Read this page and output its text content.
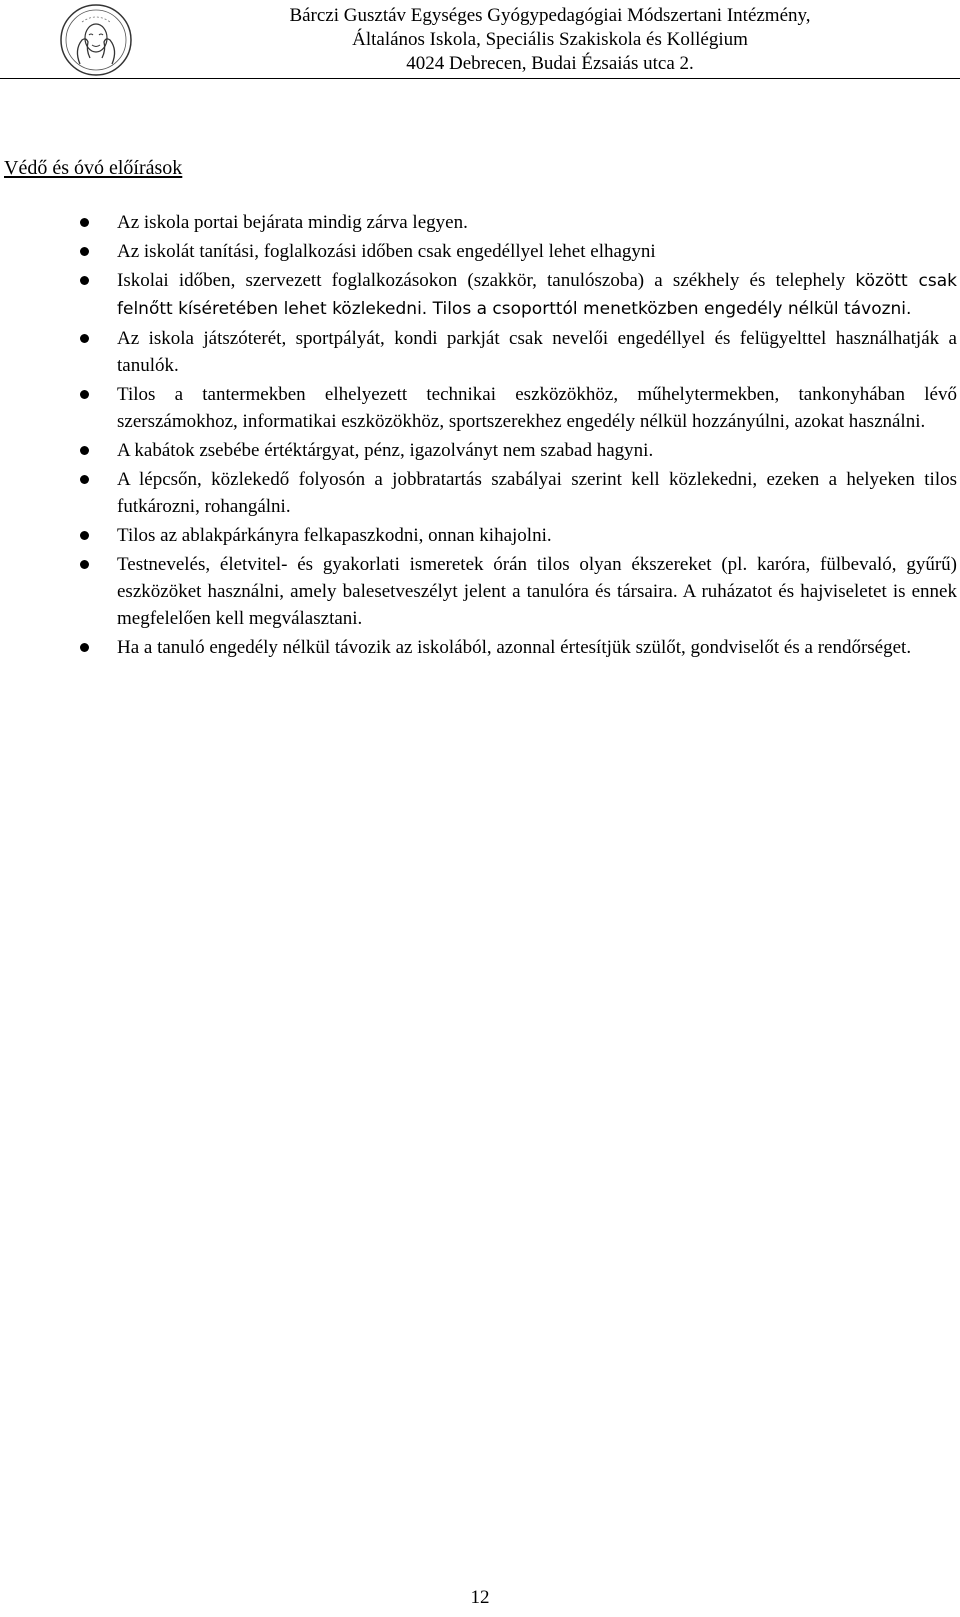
Bárczi Gusztáv Egységes Gyógypedagógiai Módszertani Intézmény,
Általános Iskola, Speciális Szakiskola és Kollégium
4024 Debrecen, Budai Ézsaiás utca 2.
Védő és óvó előírások
Az iskola portai bejárata mindig zárva legyen.
Az iskolát tanítási, foglalkozási időben csak engedéllyel lehet elhagyni
Iskolai időben, szervezett foglalkozásokon (szakkör, tanulószoba) a székhely és telephely között csak felnőtt kíséretében lehet közlekedni. Tilos a csoporttól menetközben engedély nélkül távozni.
Az iskola játszóterét, sportpályát, kondi parkját csak nevelői engedéllyel és felügyelttel használhatják a tanulók.
Tilos a tantermekben elhelyezett technikai eszközökhöz, műhelytermekben, tankonyhában lévő szerszámokhoz, informatikai eszközökhöz, sportszerekhez engedély nélkül hozzányúlni, azokat használni.
A kabátok zsebébe értéktárgyat, pénz, igazolványt nem szabad hagyni.
A lépcsőn, közlekedő folyosón a jobbratartás szabályai szerint kell közlekedni, ezeken a helyeken tilos futkározni, rohangálni.
Tilos az ablakpárkányra felkapaszkodni, onnan kihajolni.
Testnevelés, életvitel- és gyakorlati ismeretek órán tilos olyan ékszereket (pl. karóra, fülbevaló, gyűrű) eszközöket használni, amely balesetveszélyt jelent a tanulóra és társaira. A ruházatot és hajviseletet is ennek megfelelően kell megválasztani.
Ha a tanuló engedély nélkül távozik az iskolából, azonnal értesítjük szülőt, gondviselőt és a rendőrséget.
12
